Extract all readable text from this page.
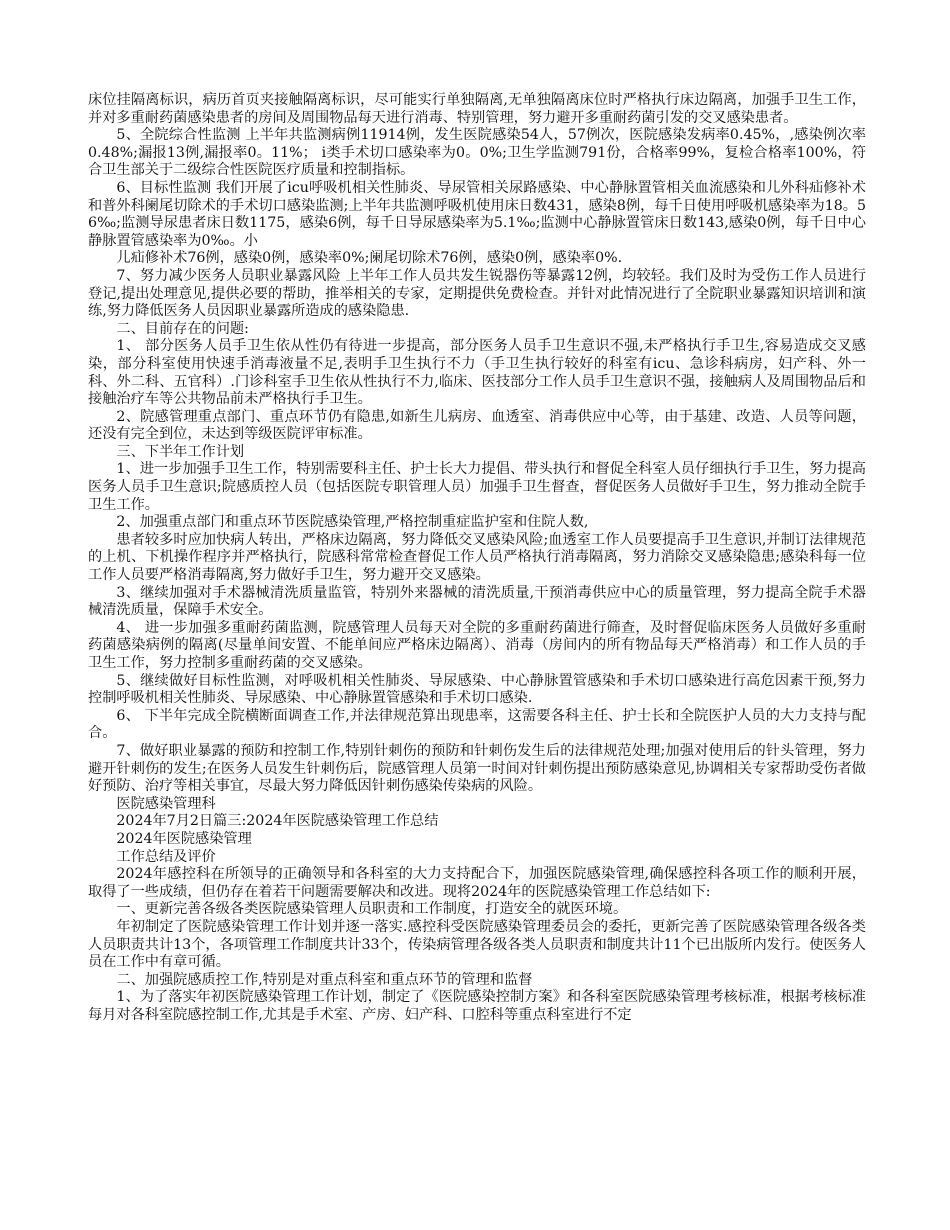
床位挂隔离标识，病历首页夹接触隔离标识，尽可能实行单独隔离,无单独隔离床位时严格执行床边隔离，加强手卫生工作，并对多重耐药菌感染患者的房间及周围物品每天进行消毒、特别管理，努力避开多重耐药菌引发的交叉感染患者。

5、全院综合性监测 上半年共监测病例11914例，发生医院感染54人，57例次，医院感染发病率0.45%，,感染例次率0.48%;漏报13例,漏报率0。11%； i类手术切口感染率为0。0%;卫生学监测791份，合格率99%，复检合格率100%，符合卫生部关于二级综合性医院医疗质量和控制指标。

6、目标性监测 我们开展了icu呼吸机相关性肺炎、导尿管相关尿路感染、中心静脉置管相关血流感染和儿外科疝修补术和普外科阑尾切除术的手术切口感染监测;上半年共监测呼吸机使用床日数431，感染8例，每千日使用呼吸机感染率为18。56‰;监测导尿患者床日数1175，感染6例，每千日导尿感染率为5.1‰;监测中心静脉置管床日数143,感染0例，每千日中心静脉置管感染率为0‰。小

儿疝修补术76例，感染0例，感染率0%;阑尾切除术76例，感染0例，感染率0%.

7、努力减少医务人员职业暴露风险 上半年工作人员共发生锐器伤等暴露12例，均较轻。我们及时为受伤工作人员进行登记,提出处理意见,提供必要的帮助，推举相关的专家，定期提供免费检查。并针对此情况进行了全院职业暴露知识培训和演练,努力降低医务人员因职业暴露所造成的感染隐患.

二、目前存在的问题:

1、 部分医务人员手卫生依从性仍有待进一步提高，部分医务人员手卫生意识不强,未严格执行手卫生,容易造成交叉感染，部分科室使用快速手消毒液量不足,表明手卫生执行不力（手卫生执行较好的科室有icu、急诊科病房，妇产科、外一科、外二科、五官科）.门诊科室手卫生依从性执行不力,临床、医技部分工作人员手卫生意识不强，接触病人及周围物品后和接触治疗车等公共物品前未严格执行手卫生。

2、院感管理重点部门、重点环节仍有隐患,如新生儿病房、血透室、消毒供应中心等，由于基建、改造、人员等问题，还没有完全到位，未达到等级医院评审标准。

三、下半年工作计划

1、进一步加强手卫生工作，特别需要科主任、护士长大力提倡、带头执行和督促全科室人员仔细执行手卫生，努力提高医务人员手卫生意识;院感质控人员（包括医院专职管理人员）加强手卫生督查，督促医务人员做好手卫生，努力推动全院手卫生工作。

2、加强重点部门和重点环节医院感染管理,严格控制重症监护室和住院人数,

患者较多时应加快病人转出，严格床边隔离，努力降低交叉感染风险;血透室工作人员要提高手卫生意识,并制订法律规范的上机、下机操作程序并严格执行，院感科常常检查督促工作人员严格执行消毒隔离，努力消除交叉感染隐患;感染科每一位工作人员要严格消毒隔离,努力做好手卫生，努力避开交叉感染。

3、继续加强对手术器械清洗质量监管，特别外来器械的清洗质量,干预消毒供应中心的质量管理，努力提高全院手术器械清洗质量，保障手术安全。

4、 进一步加强多重耐药菌监测，院感管理人员每天对全院的多重耐药菌进行筛查，及时督促临床医务人员做好多重耐药菌感染病例的隔离(尽量单间安置、不能单间应严格床边隔离）、消毒（房间内的所有物品每天严格消毒）和工作人员的手卫生工作，努力控制多重耐药菌的交叉感染。

5、继续做好目标性监测，对呼吸机相关性肺炎、导尿感染、中心静脉置管感染和手术切口感染进行高危因素干预,努力控制呼吸机相关性肺炎、导尿感染、中心静脉置管感染和手术切口感染.

6、 下半年完成全院横断面调查工作,并法律规范算出现患率，这需要各科主任、护士长和全院医护人员的大力支持与配合。

7、做好职业暴露的预防和控制工作,特别针刺伤的预防和针刺伤发生后的法律规范处理;加强对使用后的针头管理，努力避开针刺伤的发生;在医务人员发生针刺伤后，院感管理人员第一时间对针刺伤提出预防感染意见,协调相关专家帮助受伤者做好预防、治疗等相关事宜，尽最大努力降低因针刺伤感染传染病的风险。

医院感染管理科

2024年7月2日篇三:2024年医院感染管理工作总结

2024年医院感染管理

工作总结及评价

2024年感控科在所领导的正确领导和各科室的大力支持配合下，加强医院感染管理,确保感控科各项工作的顺利开展，取得了一些成绩，但仍存在着若干问题需要解决和改进。现将2024年的医院感染管理工作总结如下:

一、更新完善各级各类医院感染管理人员职责和工作制度，打造安全的就医环境。

年初制定了医院感染管理工作计划并逐一落实.感控科受医院感染管理委员会的委托，更新完善了医院感染管理各级各类人员职责共计13个，各项管理工作制度共计33个，传染病管理各级各类人员职责和制度共计11个已出版所内发行。使医务人员在工作中有章可循。

二、加强院感质控工作,特别是对重点科室和重点环节的管理和监督

1、为了落实年初医院感染管理工作计划，制定了《医院感染控制方案》和各科室医院感染管理考核标准，根据考核标准每月对各科室院感控制工作,尤其是手术室、产房、妇产科、口腔科等重点科室进行不定
